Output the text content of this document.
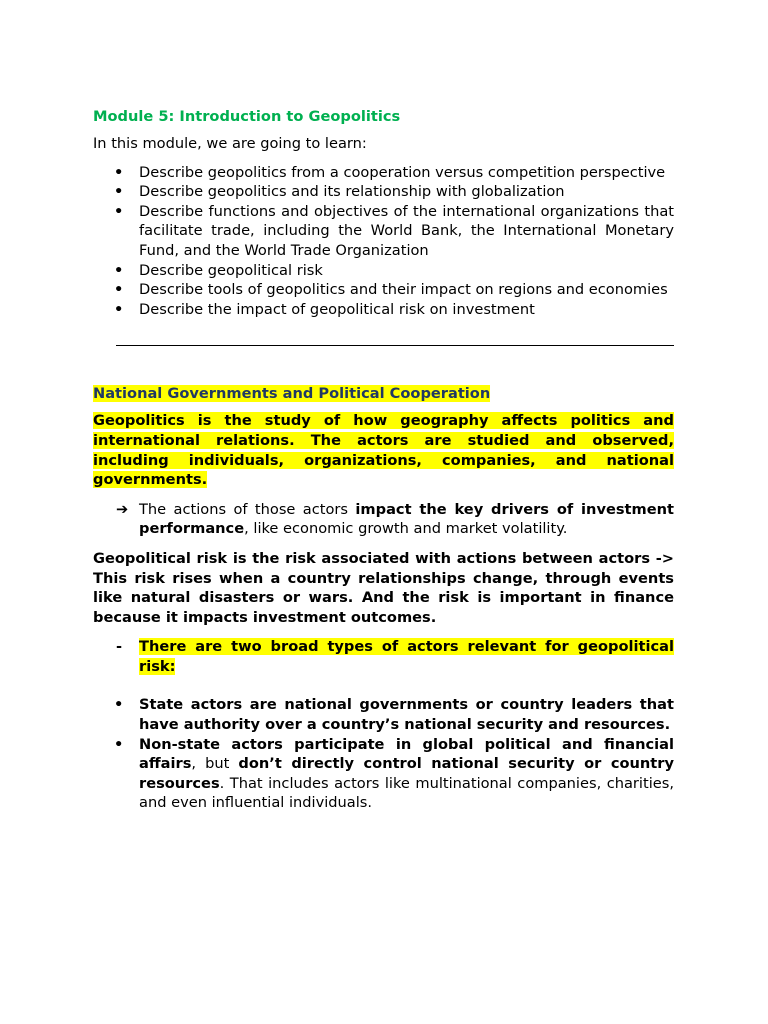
Module 5: Introduction to Geopolitics

In this module, we are going to learn:

• Describe geopolitics from a cooperation versus competition perspective
• Describe geopolitics and its relationship with globalization
• Describe functions and objectives of the international organizations that facilitate trade, including the World Bank, the International Monetary Fund, and the World Trade Organization
• Describe geopolitical risk
• Describe tools of geopolitics and their impact on regions and economies
• Describe the impact of geopolitical risk on investment
National Governments and Political Cooperation

Geopolitics is the study of how geography affects politics and international relations. The actors are studied and observed, including individuals, organizations, companies, and national governments.

➔ The actions of those actors impact the key drivers of investment performance, like economic growth and market volatility.

Geopolitical risk is the risk associated with actions between actors -> This risk rises when a country relationships change, through events like natural disasters or wars. And the risk is important in finance because it impacts investment outcomes.

- There are two broad types of actors relevant for geopolitical risk:
• State actors are national governments or country leaders that have authority over a country’s national security and resources.
• Non-state actors participate in global political and financial affairs, but don’t directly control national security or country resources. That includes actors like multinational companies, charities, and even influential individuals.
